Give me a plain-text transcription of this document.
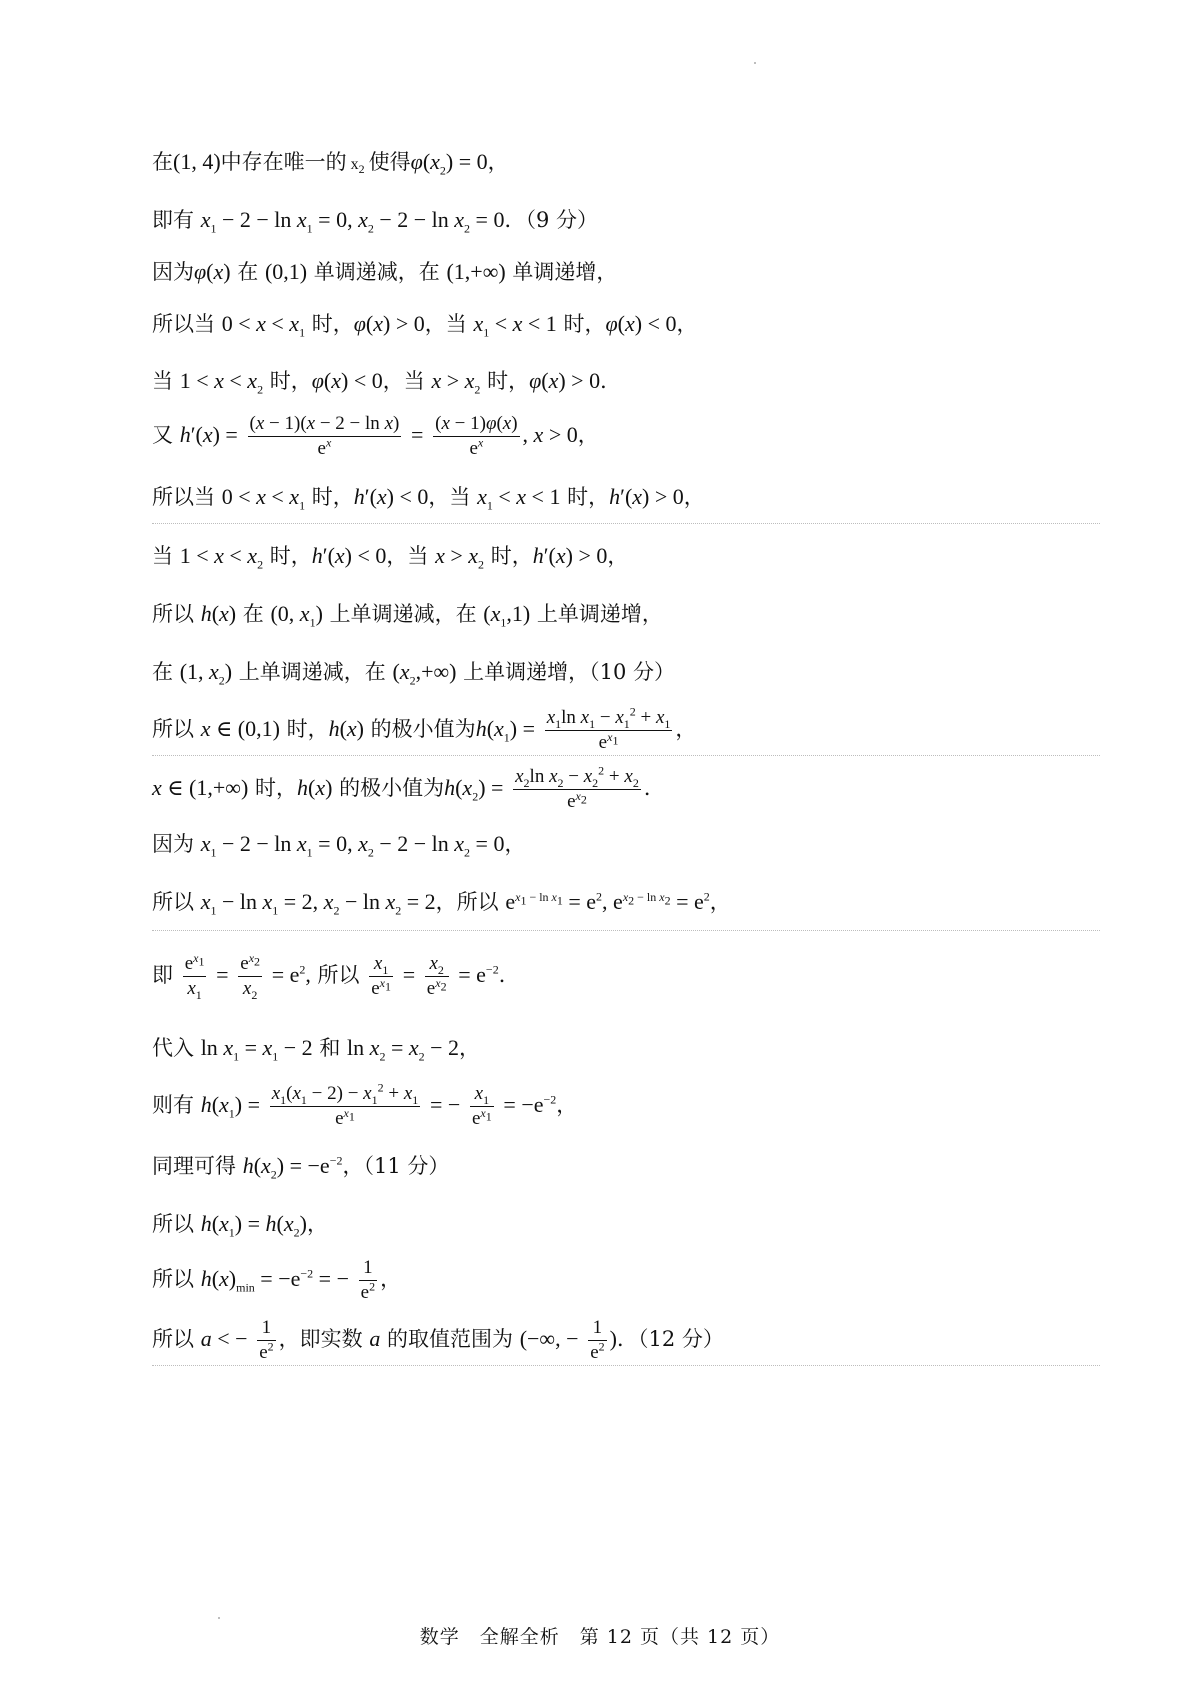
在(1, 4)中存在唯一的 $x_2$ 使得$\varphi(x_2) = 0$，
即有 $x_1 - 2 - \ln x_1 = 0$, $x_2 - 2 - \ln x_2 = 0$．（9 分）
因为φ(x) 在 (0,1) 单调递减，在 (1,+∞) 单调递增，
所以当 $0 < x < x_1$ 时，φ(x) > 0，当 $x_1 < x < 1$ 时，φ(x) < 0，
当 $1 < x < x_2$ 时，φ(x) < 0，当 $x > x_2$ 时，φ(x) > 0．
又 $h'(x) = \frac{\text{(x − 1)(x − 2 − ln x)}}{e^x} = \frac{(x - 1)\varphi(x)}{e^x}$ , x > 0，
所以当 $0 < x < x_1$ 时，h′(x) < 0，当 $x_1 < x < 1$ 时，h′(x) > 0，
当 $1 < x < x_2$ 时，h′(x) < 0，当 $x > x_2$ 时，h′(x) > 0，
所以 h(x) 在 (0, $x_1$) 上单调递减，在 $(x_1,1)$ 上单调递增，
在 (1, $x_2$) 上单调递减，在 $(x_2,+\infty)$ 上单调递增，（10 分）
所以 x ∈ (0,1) 时，h(x) 的极小值为$h(x_1) = \frac{x_1\ln x_1 - x_1^2 + x_1}{e^{x_1}}$ ，
x ∈ (1,+∞) 时，h(x) 的极小值为$h(x_2) = \frac{x_2\ln x_2 - x_2^2 + x_2}{e^{x_2}}$ ．
因为 $x_1 - 2 - \ln x_1 = 0$, $x_2 - 2 - \ln x_2 = 0$，
所以 $x_1 - \ln x_1 = 2$, $x_2 - \ln x_2 = 2$，所以 $e^{x_1 - ln x_1} = e^2$, $e^{x_2 - ln x_2} = e^2$，
即 $\frac{e^{x_1}}{x_1} = \frac{e^{x_2}}{x_2} = e^2$, 所以 $\frac{x_1}{e^{x_1}} = \frac{x_2}{e^{x_2}} = e^{-2}$．
代入 $\ln x_1 = x_1 - 2$ 和 $\ln x_2 = x_2 - 2$，
则有 $h(x_1) = \frac{x_1(x_1 - 2) - x_1^2 + x_1}{e^{x_1}}$ = − $\frac{x_1}{e^{x_1}} = -e^{-2}$，
同理可得 $h(x_2) = -e^{-2}$，（11 分）
所以 $h(x_1) = h(x_2)$，
所以 $h(x)_{min} = -e^{-2}$ = − $\frac{1}{e^2}$ ，
所以 a < − $\frac{1}{e^2}$ ，即实数 a 的取值范围为 (−∞, − $\frac{1}{e^2}$ )．（12 分）
数学　全解全析　第 12 页（共 12 页）
